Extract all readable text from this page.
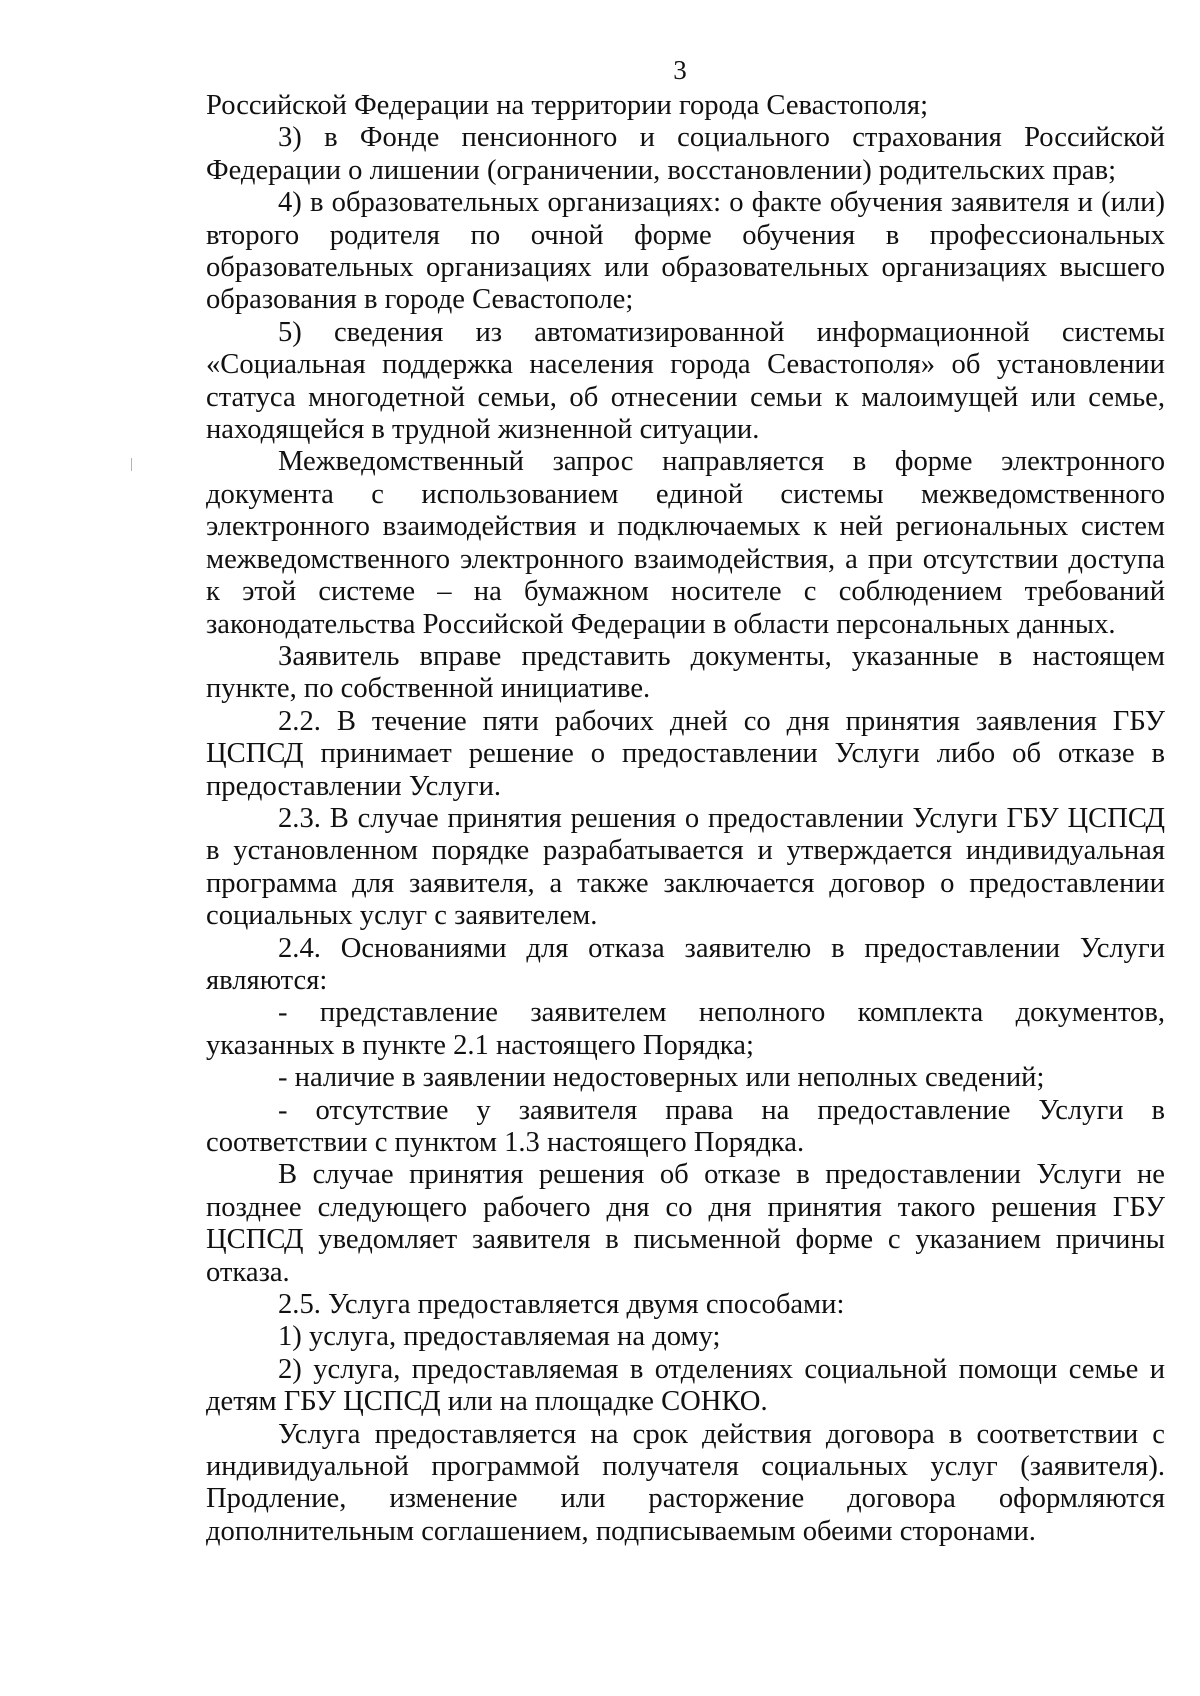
3

Российской Федерации на территории города Севастополя;

3) в Фонде пенсионного и социального страхования Российской Федерации о лишении (ограничении, восстановлении) родительских прав;

4) в образовательных организациях: о факте обучения заявителя и (или) второго родителя по очной форме обучения в профессиональных образовательных организациях или образовательных организациях высшего образования в городе Севастополе;

5) сведения из автоматизированной информационной системы «Социальная поддержка населения города Севастополя» об установлении статуса многодетной семьи, об отнесении семьи к малоимущей или семье, находящейся в трудной жизненной ситуации.

Межведомственный запрос направляется в форме электронного документа с использованием единой системы межведомственного электронного взаимодействия и подключаемых к ней региональных систем межведомственного электронного взаимодействия, а при отсутствии доступа к этой системе – на бумажном носителе с соблюдением требований законодательства Российской Федерации в области персональных данных.

Заявитель вправе представить документы, указанные в настоящем пункте, по собственной инициативе.

2.2. В течение пяти рабочих дней со дня принятия заявления ГБУ ЦСПСД принимает решение о предоставлении Услуги либо об отказе в предоставлении Услуги.

2.3. В случае принятия решения о предоставлении Услуги ГБУ ЦСПСД в установленном порядке разрабатывается и утверждается индивидуальная программа для заявителя, а также заключается договор о предоставлении социальных услуг с заявителем.

2.4. Основаниями для отказа заявителю в предоставлении Услуги являются:

- представление заявителем неполного комплекта документов, указанных в пункте 2.1 настоящего Порядка;

- наличие в заявлении недостоверных или неполных сведений;

- отсутствие у заявителя права на предоставление Услуги в соответствии с пунктом 1.3 настоящего Порядка.

В случае принятия решения об отказе в предоставлении Услуги не позднее следующего рабочего дня со дня принятия такого решения ГБУ ЦСПСД уведомляет заявителя в письменной форме с указанием причины отказа.

2.5. Услуга предоставляется двумя способами:

1) услуга, предоставляемая на дому;

2) услуга, предоставляемая в отделениях социальной помощи семье и детям ГБУ ЦСПСД или на площадке СОНКО.

Услуга предоставляется на срок действия договора в соответствии с индивидуальной программой получателя социальных услуг (заявителя). Продление, изменение или расторжение договора оформляются дополнительным соглашением, подписываемым обеими сторонами.
